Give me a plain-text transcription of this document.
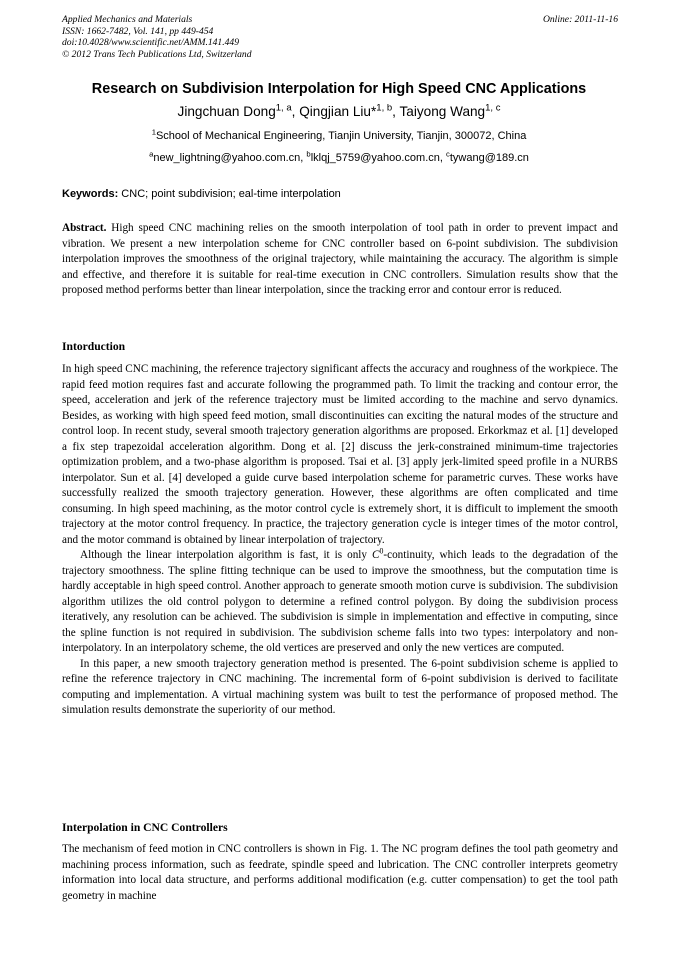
Applied Mechanics and Materials
ISSN: 1662-7482, Vol. 141, pp 449-454
doi:10.4028/www.scientific.net/AMM.141.449
© 2012 Trans Tech Publications Ltd, Switzerland
Online: 2011-11-16
Research on Subdivision Interpolation for High Speed CNC Applications
Jingchuan Dong$^{1, a}$, Qingjian Liu*$^{1, b}$, Taiyong Wang$^{1, c}$
$^1$School of Mechanical Engineering, Tianjin University, Tianjin, 300072, China
$^a$new_lightning@yahoo.com.cn, $^b$lklqj_5759@yahoo.com.cn, $^c$tywang@189.cn
Keywords: CNC; point subdivision; eal-time interpolation
Abstract. High speed CNC machining relies on the smooth interpolation of tool path in order to prevent impact and vibration. We present a new interpolation scheme for CNC controller based on 6-point subdivision. The subdivision interpolation improves the smoothness of the original trajectory, while maintaining the accuracy. The algorithm is simple and effective, and therefore it is suitable for real-time execution in CNC controllers. Simulation results show that the proposed method performs better than linear interpolation, since the tracking error and contour error is reduced.
Intorduction

In high speed CNC machining, the reference trajectory significant affects the accuracy and roughness of the workpiece. The rapid feed motion requires fast and accurate following the programmed path. To limit the tracking and contour error, the speed, acceleration and jerk of the reference trajectory must be limited according to the machine and servo dynamics. Besides, as working with high speed feed motion, small discontinuities can exciting the natural modes of the structure and control loop. In recent study, several smooth trajectory generation algorithms are proposed. Erkorkmaz et al. [1] developed a fix step trapezoidal acceleration algorithm. Dong et al. [2] discuss the jerk-constrained minimum-time trajectories optimization problem, and a two-phase algorithm is proposed. Tsai et al. [3] apply jerk-limited speed profile in a NURBS interpolator. Sun et al. [4] developed a guide curve based interpolation scheme for parametric curves. These works have successfully realized the smooth trajectory generation. However, these algorithms are often complicated and time consuming. In high speed machining, as the motor control cycle is extremely short, it is difficult to implement the smooth trajectory at the motor control frequency. In practice, the trajectory generation cycle is integer times of the motor control, and the motor command is obtained by linear interpolation of trajectory.

Although the linear interpolation algorithm is fast, it is only $C^0$-continuity, which leads to the degradation of the trajectory smoothness. The spline fitting technique can be used to improve the smoothness, but the computation time is hardly acceptable in high speed control. Another approach to generate smooth motion curve is subdivision. The subdivision algorithm utilizes the old control polygon to determine a refined control polygon. By doing the subdivision process iteratively, any resolution can be achieved. The subdivision is simple in implementation and effective in computing, since the spline function is not required in subdivision. The subdivision scheme falls into two types: interpolatory and non-interpolatory. In an interpolatory scheme, the old vertices are preserved and only the new vertices are computed.

In this paper, a new smooth trajectory generation method is presented. The 6-point subdivision scheme is applied to refine the reference trajectory in CNC machining. The incremental form of 6-point subdivision is derived to facilitate computing and implementation. A virtual machining system was built to test the performance of proposed method. The simulation results demonstrate the superiority of our method.

Interpolation in CNC Controllers

The mechanism of feed motion in CNC controllers is shown in Fig. 1. The NC program defines the tool path geometry and machining process information, such as feedrate, spindle speed and lubrication. The CNC controller interprets geometry information into local data structure, and performs additional modification (e.g. cutter compensation) to get the tool path geometry in machine
